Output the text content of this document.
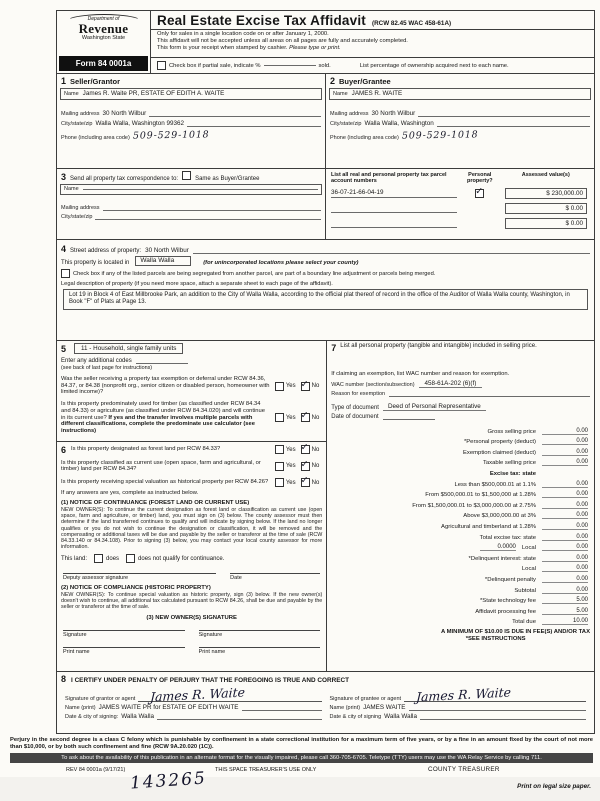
Department of
Revenue
Washington State
Form 84 0001a
Real Estate Excise Tax Affidavit (RCW 82.45 WAC 458-61A)
Only for sales in a single location code on or after January 1, 2000.
This affidavit will not be accepted unless all areas on all pages are fully and accurately completed.
This form is your receipt when stamped by cashier. Please type or print.
Check box if partial sale, indicate %	sold.	List percentage of ownership acquired next to each name.
1 Seller/Grantor
Name James R. Waite PR, ESTATE OF EDITH A. WAITE
Mailing address 30 North Wilbur
City/state/zip Walla Walla, Washington 99362
Phone (including area code) 509-529-1018
2 Buyer/Grantee
Name JAMES R. WAITE
Mailing address 30 North Wilbur
City/state/zip Walla Walla, Washington
Phone (including area code) 509-529-1018
3 Send all property tax correspondence to:	Same as Buyer/Grantee
Name
Mailing address
City/state/zip
List all real and personal property tax parcel account numbers
Personal property?
Assessed value(s)
36-07-21-66-04-19 ✓	$ 230,000.00
$ 0.00
$ 0.00
4 Street address of property: 30 North Wilbur
This property is located in	Walla Walla	(for unincorporated locations please select your county)
Check box if any of the listed parcels are being segregated from another parcel, are part of a boundary line adjustment or parcels being merged.
Legal description of property (if you need more space, attach a separate sheet to each page of the affidavit).
Lot 19 in Block 4 of East Millbrooke Park, an addition to the City of Walla Walla, according to the official plat thereof of record in the office of the Auditor of Walla Walla county, Washington, in Book "F" of Plats at Page 13.
5	11 - Household, single family units
Enter any additional codes
(see back of last page for instructions)
Was the seller receiving a property tax exemption or deferral under RCW 84.36, 84.37, or 84.38 (nonprofit org., senior citizen or disabled person, homeowner with limited income)?
Yes ✓	No
Is this property predominately used for timber (as classified under RCW 84.34 and 84.33) or agriculture (as classified under RCW 84.34.020) and will continue in its current use? If yes and the transfer involves multiple parcels with different classifications, complete the predominate use calculator (see instructions)
Yes ✓	No
6 Is this property designated as forest land per RCW 84.33?	Yes ✓	No
Is this property classified as current use (open space, farm and agricultural, or timber) land per RCW 84.34?	Yes ✓	No
Is this property receiving special valuation as historical property per RCW 84.26?	Yes ✓	No
If any answers are yes, complete as instructed below.
(1) NOTICE OF CONTINUANCE (FOREST LAND OR CURRENT USE)
NEW OWNER(S): To continue the current designation as forest land or classification as current use (open space, farm and agriculture, or timber) land, you must sign on (3) below. The county assessor must then determine if the land transferred continues to qualify and will indicate by signing below. If the land no longer qualifies or you do not wish to continue the designation or classification, it will be removed and the compensating or additional taxes will be due and payable by the seller or transferor at the time of sale (RCW 84.33.140 or 84.34.108). Prior to signing (3) below, you may contact your local county assessor for more information.
This land:	does	does not qualify for continuance.
Deputy assessor signature	Date
(2) NOTICE OF COMPLIANCE (HISTORIC PROPERTY)
NEW OWNER(S): To continue special valuation as historic property, sign (3) below. If the new owner(s) doesn't wish to continue, all additional tax calculated pursuant to RCW 84.26, shall be due and payable by the seller or transferor at the time of sale.
(3) NEW OWNER(S) SIGNATURE
Signature	Signature
Print name	Print name
7 List all personal property (tangible and intangible) included in selling price.
If claiming an exemption, list WAC number and reason for exemption.
WAC number (section/subsection)	458-61A-202 (6)(f)
Reason for exemption
Type of document	Deed of Personal Representative
Date of document
Gross selling price	0.00
*Personal property (deduct)	0.00
Exemption claimed (deduct)	0.00
Taxable selling price	0.00
Excise tax: state
Less than $500,000.01 at 1.1%	0.00
From $500,000.01 to $1,500,000 at 1.28%	0.00
From $1,500,000.01 to $3,000,000.00 at 2.75%	0.00
Above $3,000,000.00 at 3%	0.00
Agricultural and timberland at 1.28%	0.00
Total excise tax: state	0.00
0.0000 Local	0.00
*Delinquent interest: state	0.00
Local	0.00
*Delinquent penalty	0.00
Subtotal	0.00
*State technology fee	5.00
Affidavit processing fee	5.00
Total due	10.00
A MINIMUM OF $10.00 IS DUE IN FEE(S) AND/OR TAX
*SEE INSTRUCTIONS
8 I CERTIFY UNDER PENALTY OF PERJURY THAT THE FOREGOING IS TRUE AND CORRECT
Signature of grantor or agent James R. Waite	Signature of grantee or agent James R. Waite
Name (print) JAMES WAITE PR for ESTATE OF EDITH WAITE	Name (print) JAMES WAITE
Date & city of signing: Walla Walla	Date & city of signing Walla Walla
Perjury in the second degree is a class C felony which is punishable by confinement in a state correctional institution for a maximum term of five years, or by a fine in an amount fixed by the court of not more than $10,000, or by both such confinement and fine (RCW 9A.20.020 (1C)).
To ask about the availability of this publication in an alternate format for the visually impaired, please call 360-705-6705. Teletype (TTY) users may use the WA Relay Service by calling 711.
REV 84 0001a (9/17/21)	THIS SPACE TREASURER'S USE ONLY	COUNTY TREASURER
143265	Print on legal size paper.
